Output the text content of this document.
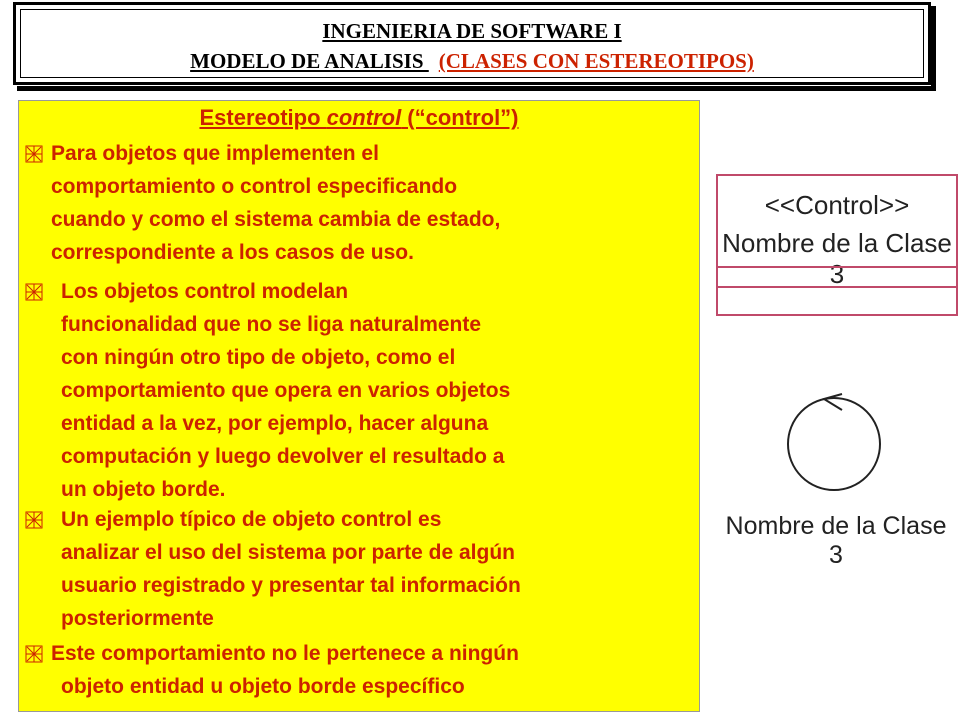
INGENIERIA DE SOFTWARE I
MODELO DE ANALISIS (CLASES CON ESTEREOTIPOS)
Estereotipo control (“control”)
Para objetos que implementen el
comportamiento o control especificando
cuando y como el sistema cambia de estado,
correspondiente a los casos de uso.
Los objetos control modelan
funcionalidad que no se liga naturalmente
con ningún otro tipo de objeto, como el
comportamiento que opera en varios objetos
entidad a la vez, por ejemplo, hacer alguna
computación y luego devolver el resultado a
un objeto borde.
Un ejemplo típico de objeto control es
analizar el uso del sistema por parte de algún
usuario registrado y presentar tal información
posteriormente
Este comportamiento no le pertenece a ningún
objeto entidad u objeto borde específico
<<Control>>
Nombre de la Clase 3
Nombre de la Clase 3
